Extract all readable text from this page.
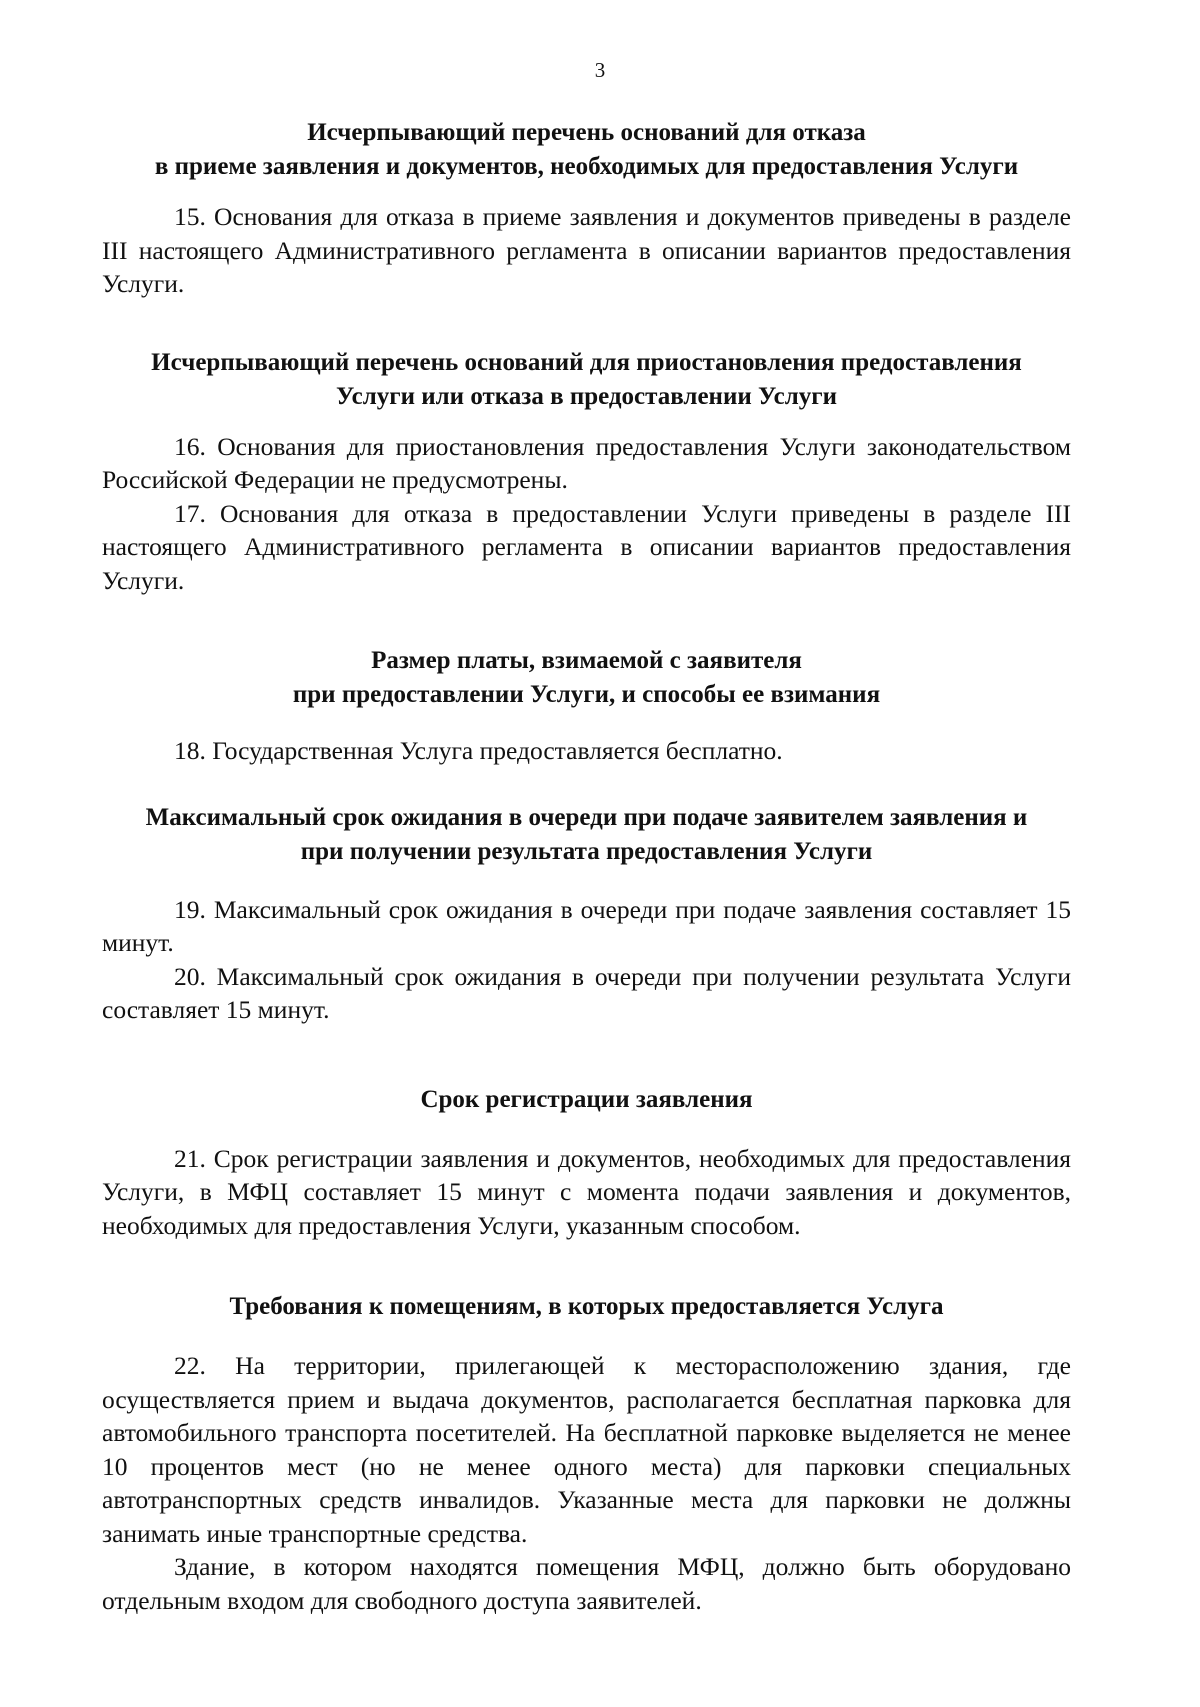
3
Исчерпывающий перечень оснований для отказа
в приеме заявления и документов, необходимых для предоставления Услуги

15. Основания для отказа в приеме заявления и документов приведены в разделе III настоящего Административного регламента в описании вариантов предоставления Услуги.

Исчерпывающий перечень оснований для приостановления предоставления
Услуги или отказа в предоставлении Услуги

16. Основания для приостановления предоставления Услуги законодательством Российской Федерации не предусмотрены.

17. Основания для отказа в предоставлении Услуги приведены в разделе III настоящего Административного регламента в описании вариантов предоставления Услуги.

Размер платы, взимаемой с заявителя
при предоставлении Услуги, и способы ее взимания

18. Государственная Услуга предоставляется бесплатно.

Максимальный срок ожидания в очереди при подаче заявителем заявления и
при получении результата предоставления Услуги

19. Максимальный срок ожидания в очереди при подаче заявления составляет 15 минут.

20. Максимальный срок ожидания в очереди при получении результата Услуги составляет 15 минут.

Срок регистрации заявления

21. Срок регистрации заявления и документов, необходимых для предоставления Услуги, в МФЦ составляет 15 минут с момента подачи заявления и документов, необходимых для предоставления Услуги, указанным способом.

Требования к помещениям, в которых предоставляется Услуга

22. На территории, прилегающей к месторасположению здания, где осуществляется прием и выдача документов, располагается бесплатная парковка для автомобильного транспорта посетителей. На бесплатной парковке выделяется не менее 10 процентов мест (но не менее одного места) для парковки специальных автотранспортных средств инвалидов. Указанные места для парковки не должны занимать иные транспортные средства.

Здание, в котором находятся помещения МФЦ, должно быть оборудовано отдельным входом для свободного доступа заявителей.
